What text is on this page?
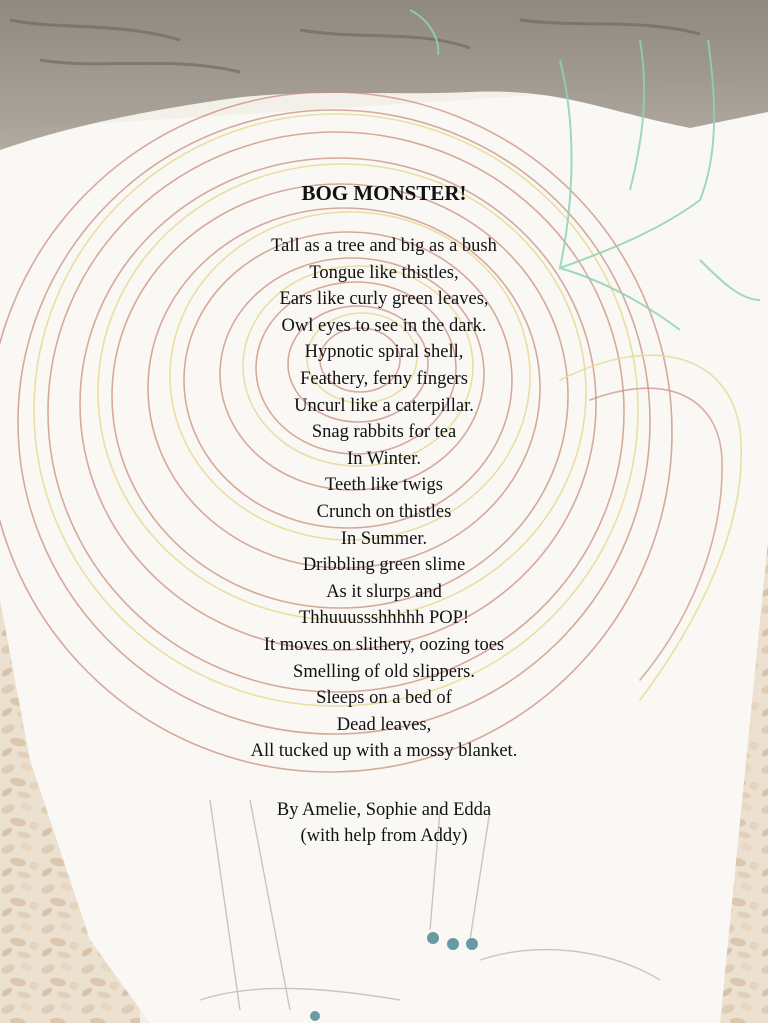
BOG MONSTER!
Tall as a tree and big as a bush
Tongue like thistles,
Ears like curly green leaves,
Owl eyes to see in the dark.
Hypnotic spiral shell,
Feathery, ferny fingers
Uncurl like a caterpillar.
Snag rabbits for tea
In Winter.
Teeth like twigs
Crunch on thistles
In Summer.
Dribbling green slime
As it slurps and
Thhuuussshhhhh POP!
It moves on slithery, oozing toes
Smelling of old slippers.
Sleeps on a bed of
Dead leaves,
All tucked up with a mossy blanket.
By Amelie, Sophie and Edda
(with help from Addy)
